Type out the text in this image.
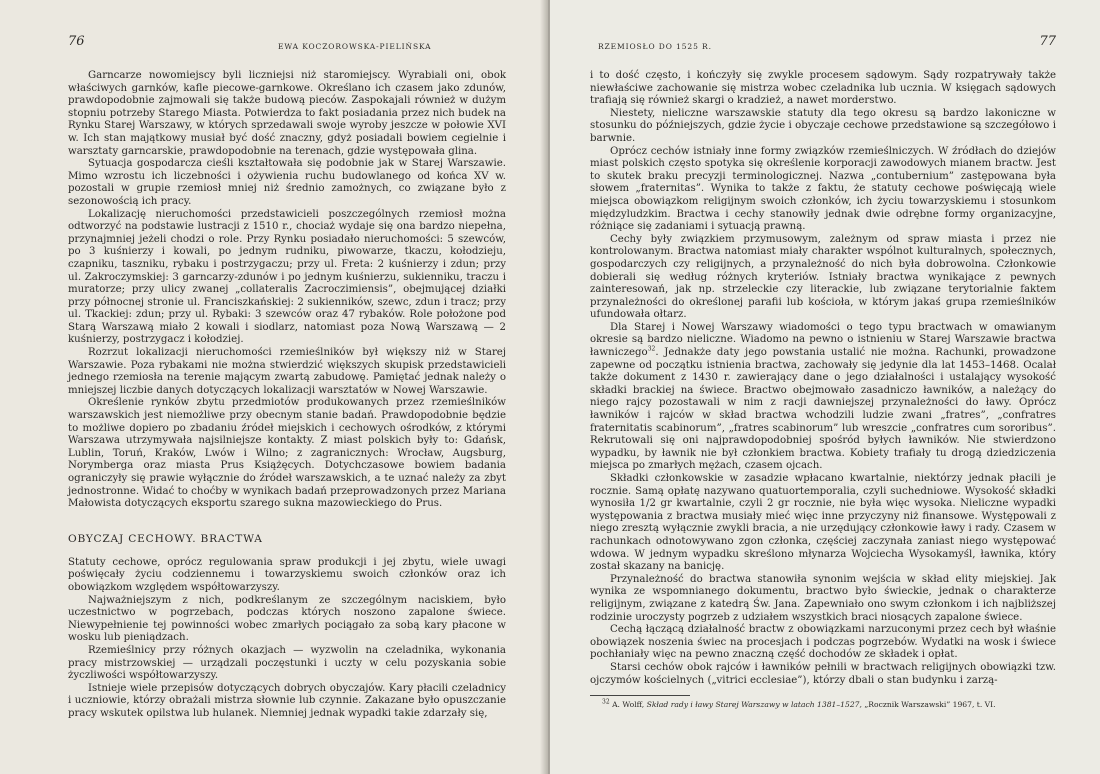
76	EWA KOCZOROWSKA-PIELIŃSKA

Garncarze nowomiejscy byli liczniejsi niż staromiejscy. Wyrabiali oni, obok właściwych garnków, kafle piecowe-garnkowe. Określano ich czasem jako zdunów, prawdopodobnie zajmowali się także budową pieców. Zaspokajali również w dużym stopniu potrzeby Starego Miasta. Potwierdza to fakt posiadania przez nich budek na Rynku Starej Warszawy, w których sprzedawali swoje wyroby jeszcze w połowie XVI w. Ich stan majątkowy musiał być dość znaczny, gdyż posiadali bowiem cegielnie i warsztaty garncarskie, prawdopodobnie na terenach, gdzie występowała glina.

Sytuacja gospodarcza cieśli kształtowała się podobnie jak w Starej Warszawie. Mimo wzrostu ich liczebności i ożywienia ruchu budowlanego od końca XV w. pozostali w grupie rzemiosł mniej niż średnio zamożnych, co związane było z sezonowością ich pracy.

Lokalizację nieruchomości przedstawicieli poszczególnych rzemiosł można odtworzyć na podstawie lustracji z 1510 r., chociaż wydaje się ona bardzo niepełna, przynajmniej jeżeli chodzi o role. Przy Rynku posiadało nieruchomości: 5 szewców, po 3 kuśnierzy i kowali, po jednym rudniku, piwowarze, tkaczu, kołodzieju, czapniku, taszniku, rybaku i postrzygaczu; przy ul. Freta: 2 kuśnierzy i zdun; przy ul. Zakroczymskiej: 3 garncarzy-zdunów i po jednym kuśnierzu, sukienniku, traczu i muratorze; przy ulicy zwanej „collateralis Zacroczimiensis”, obejmującej działki przy północnej stronie ul. Franciszkańskiej: 2 sukienników, szewc, zdun i tracz; przy ul. Tkackiej: zdun; przy ul. Rybaki: 3 szewców oraz 47 rybaków. Role położone pod Starą Warszawą miało 2 kowali i siodlarz, natomiast poza Nową Warszawą — 2 kuśnierzy, postrzygacz i kołodziej.

Rozrzut lokalizacji nieruchomości rzemieślników był większy niż w Starej Warszawie. Poza rybakami nie można stwierdzić większych skupisk przedstawicieli jednego rzemiosła na terenie mającym zwartą zabudowę. Pamiętać jednak należy o mniejszej liczbie danych dotyczących lokalizacji warsztatów w Nowej Warszawie.

Określenie rynków zbytu przedmiotów produkowanych przez rzemieślników warszawskich jest niemożliwe przy obecnym stanie badań. Prawdopodobnie będzie to możliwe dopiero po zbadaniu źródeł miejskich i cechowych ośrodków, z którymi Warszawa utrzymywała najsilniejsze kontakty. Z miast polskich były to: Gdańsk, Lublin, Toruń, Kraków, Lwów i Wilno; z zagranicznych: Wrocław, Augsburg, Norymberga oraz miasta Prus Książęcych. Dotychczasowe bowiem badania ograniczyły się prawie wyłącznie do źródeł warszawskich, a te uznać należy za zbyt jednostronne. Widać to choćby w wynikach badań przeprowadzonych przez Mariana Małowista dotyczących eksportu szarego sukna mazowieckiego do Prus.

OBYCZAJ CECHOWY. BRACTWA

Statuty cechowe, oprócz regulowania spraw produkcji i jej zbytu, wiele uwagi poświęcały życiu codziennemu i towarzyskiemu swoich członków oraz ich obowiązkom względem współtowarzyszy.

Najważniejszym z nich, podkreślanym ze szczególnym naciskiem, było uczestnictwo w pogrzebach, podczas których noszono zapalone świece. Niewypełnienie tej powinności wobec zmarłych pociągało za sobą kary płacone w wosku lub pieniądzach.

Rzemieślnicy przy różnych okazjach — wyzwolin na czeladnika, wykonania pracy mistrzowskiej — urządzali poczęstunki i uczty w celu pozyskania sobie życzliwości współtowarzyszy.

Istnieje wiele przepisów dotyczących dobrych obyczajów. Kary płacili czeladnicy i uczniowie, którzy obrażali mistrza słownie lub czynnie. Zakazane było opuszczanie pracy wskutek opilstwa lub hulanek. Niemniej jednak wypadki takie zdarzały się,

RZEMIOSŁO DO 1525 R.	77

i to dość często, i kończyły się zwykle procesem sądowym. Sądy rozpatrywały także niewłaściwe zachowanie się mistrza wobec czeladnika lub ucznia. W księgach sądowych trafiają się również skargi o kradzież, a nawet morderstwo.

Niestety, nieliczne warszawskie statuty dla tego okresu są bardzo lakoniczne w stosunku do późniejszych, gdzie życie i obyczaje cechowe przedstawione są szczegółowo i barwnie.

Oprócz cechów istniały inne formy związków rzemieślniczych. W źródłach do dziejów miast polskich często spotyka się określenie korporacji zawodowych mianem bractw. Jest to skutek braku precyzji terminologicznej. Nazwa „contubernium” zastępowana była słowem „fraternitas”. Wynika to także z faktu, że statuty cechowe poświęcają wiele miejsca obowiązkom religijnym swoich członków, ich życiu towarzyskiemu i stosunkom międzyludzkim. Bractwa i cechy stanowiły jednak dwie odrębne formy organizacyjne, różniące się zadaniami i sytuacją prawną.

Cechy były związkiem przymusowym, zależnym od spraw miasta i przez nie kontrolowanym. Bractwa natomiast miały charakter wspólnot kulturalnych, społecznych, gospodarczych czy religijnych, a przynależność do nich była dobrowolna. Członkowie dobierali się według różnych kryteriów. Istniały bractwa wynikające z pewnych zainteresowań, jak np. strzeleckie czy literackie, lub związane terytorialnie faktem przynależności do określonej parafii lub kościoła, w którym jakaś grupa rzemieślników ufundowała ołtarz.

Dla Starej i Nowej Warszawy wiadomości o tego typu bractwach w omawianym okresie są bardzo nieliczne. Wiadomo na pewno o istnieniu w Starej Warszawie bractwa ławniczego$^{32}$. Jednakże daty jego powstania ustalić nie można. Rachunki, prowadzone zapewne od początku istnienia bractwa, zachowały się jedynie dla lat 1453–1468. Ocalał także dokument z 1430 r. zawierający dane o jego działalności i ustalający wysokość składki brackiej na świece. Bractwo obejmowało zasadniczo ławników, a należący do niego rajcy pozostawali w nim z racji dawniejszej przynależności do ławy. Oprócz ławników i rajców w skład bractwa wchodzili ludzie zwani „fratres”, „confratres fraternitatis scabinorum”, „fratres scabinorum” lub wreszcie „confratres cum sororibus”. Rekrutowali się oni najprawdopodobniej spośród byłych ławników. Nie stwierdzono wypadku, by ławnik nie był członkiem bractwa. Kobiety trafiały tu drogą dziedziczenia miejsca po zmarłych mężach, czasem ojcach.

Składki członkowskie w zasadzie wpłacano kwartalnie, niektórzy jednak płacili je rocznie. Samą opłatę nazywano quatuortemporalia, czyli suchedniowe. Wysokość składki wynosiła 1/2 gr kwartalnie, czyli 2 gr rocznie, nie była więc wysoka. Nieliczne wypadki występowania z bractwa musiały mieć więc inne przyczyny niż finansowe. Występowali z niego zresztą wyłącznie zwykli bracia, a nie urzędujący członkowie ławy i rady. Czasem w rachunkach odnotowywano zgon członka, częściej zaczynała zaniast niego występować wdowa. W jednym wypadku skreślono młynarza Wojciecha Wysokamyśl, ławnika, który został skazany na banicję.

Przynależność do bractwa stanowiła synonim wejścia w skład elity miejskiej. Jak wynika ze wspomnianego dokumentu, bractwo było świeckie, jednak o charakterze religijnym, związane z katedrą Św. Jana. Zapewniało ono swym członkom i ich najbliższej rodzinie uroczysty pogrzeb z udziałem wszystkich braci niosących zapalone świece.

Cechą łączącą działalność bractw z obowiązkami narzuconymi przez cech był właśnie obowiązek noszenia świec na procesjach i podczas pogrzebów. Wydatki na wosk i świece pochłaniały więc na pewno znaczną część dochodów ze składek i opłat.

Starsi cechów obok rajców i ławników pełnili w bractwach religijnych obowiązki tzw. ojczymów kościelnych („vitrici ecclesiae”), którzy dbali o stan budynku i zarzą-

$^{32}$ A. Wolff, Skład rady i ławy Starej Warszawy w latach 1381–1527, „Rocznik Warszawski” 1967, t. VI.
